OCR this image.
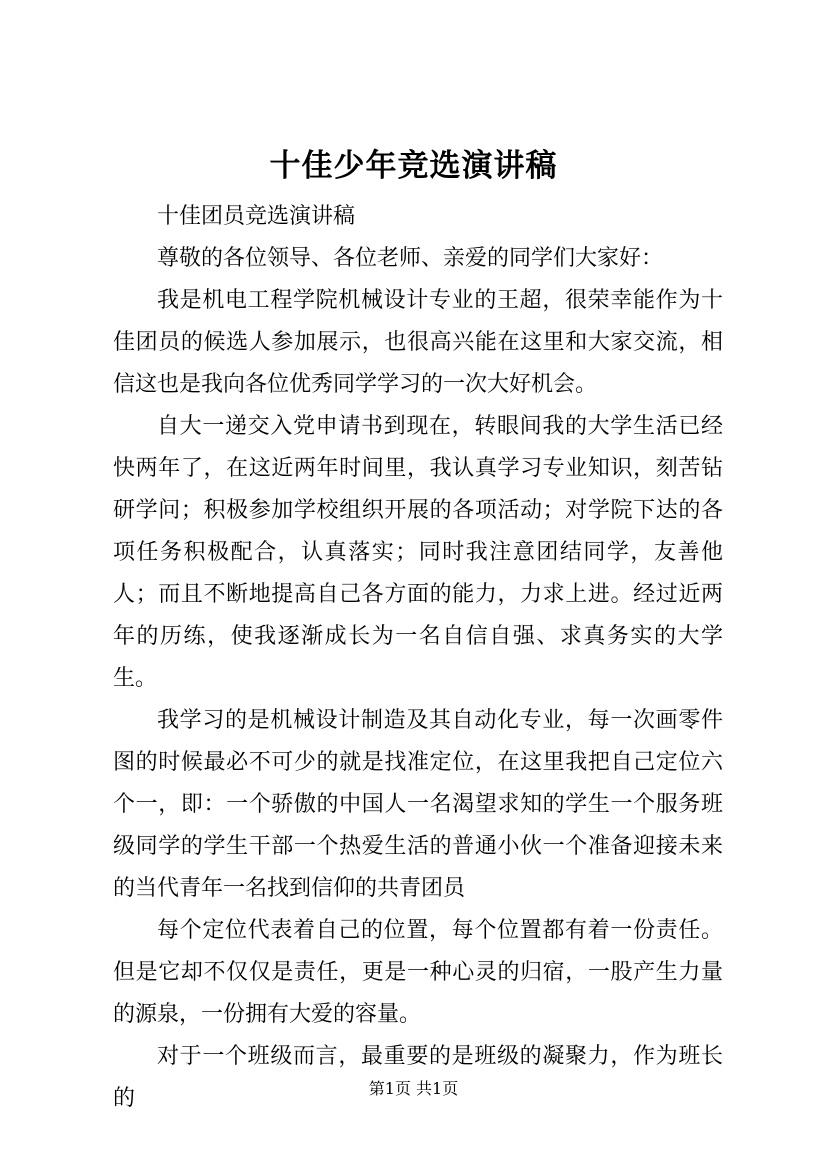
十佳少年竞选演讲稿

十佳团员竞选演讲稿

尊敬的各位领导、各位老师、亲爱的同学们大家好：

我是机电工程学院机械设计专业的王超，很荣幸能作为十佳团员的候选人参加展示，也很高兴能在这里和大家交流，相信这也是我向各位优秀同学学习的一次大好机会。

自大一递交入党申请书到现在，转眼间我的大学生活已经快两年了，在这近两年时间里，我认真学习专业知识，刻苦钻研学问；积极参加学校组织开展的各项活动；对学院下达的各项任务积极配合，认真落实；同时我注意团结同学，友善他人；而且不断地提高自己各方面的能力，力求上进。经过近两年的历练，使我逐渐成长为一名自信自强、求真务实的大学生。

我学习的是机械设计制造及其自动化专业，每一次画零件图的时候最必不可少的就是找准定位，在这里我把自己定位六个一，即：一个骄傲的中国人一名渴望求知的学生一个服务班级同学的学生干部一个热爱生活的普通小伙一个准备迎接未来的当代青年一名找到信仰的共青团员

每个定位代表着自己的位置，每个位置都有着一份责任。但是它却不仅仅是责任，更是一种心灵的归宿，一股产生力量的源泉，一份拥有大爱的容量。

对于一个班级而言，最重要的是班级的凝聚力，作为班长的	第1页 共1页
